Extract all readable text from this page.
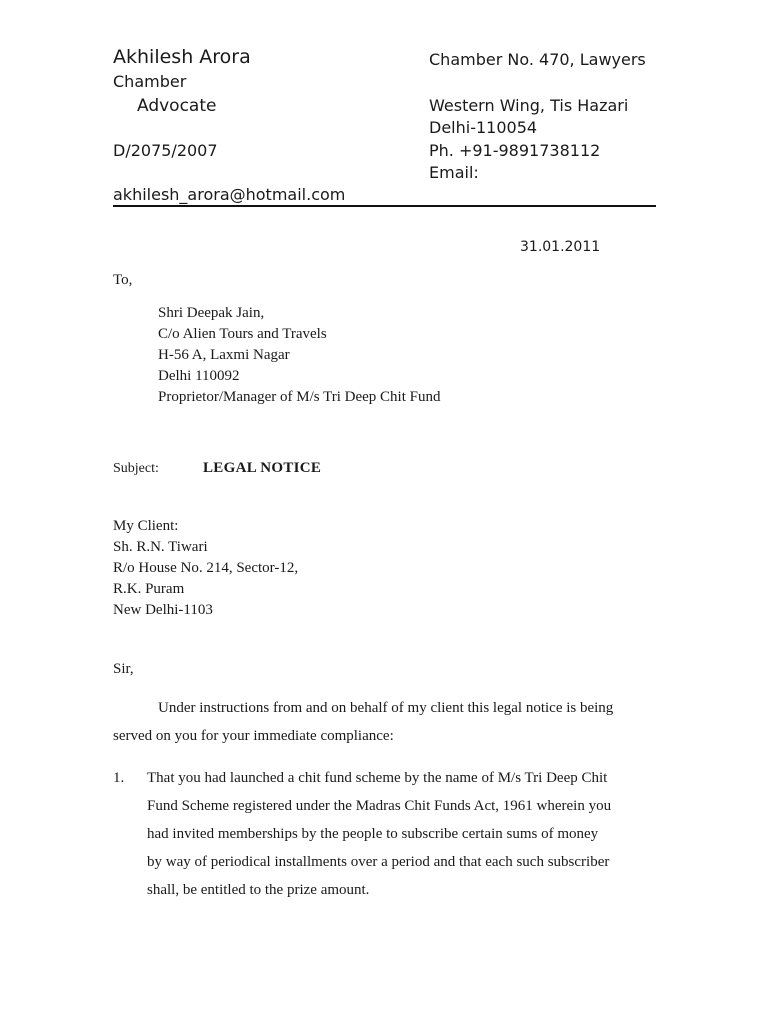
Akhilesh Arora
Chamber
Advocate
D/2075/2007
akhilesh_arora@hotmail.com
Chamber No. 470, Lawyers
Western Wing, Tis Hazari
Delhi-110054
Ph. +91-9891738112
Email:
31.01.2011
To,
Shri Deepak Jain,
C/o Alien Tours and Travels
H-56 A, Laxmi Nagar
Delhi 110092
Proprietor/Manager of M/s Tri Deep Chit Fund
Subject:	LEGAL NOTICE
My Client:
Sh. R.N. Tiwari
R/o House No. 214, Sector-12,
R.K. Puram
New Delhi-1103
Sir,
Under instructions from and on behalf of my client this legal notice is being
served on you for your immediate compliance:
1. That you had launched a chit fund scheme by the name of M/s Tri Deep Chit
Fund Scheme registered under the Madras Chit Funds Act, 1961 wherein you
had invited memberships by the people to subscribe certain sums of money
by way of periodical installments over a period and that each such subscriber
shall, be entitled to the prize amount.
